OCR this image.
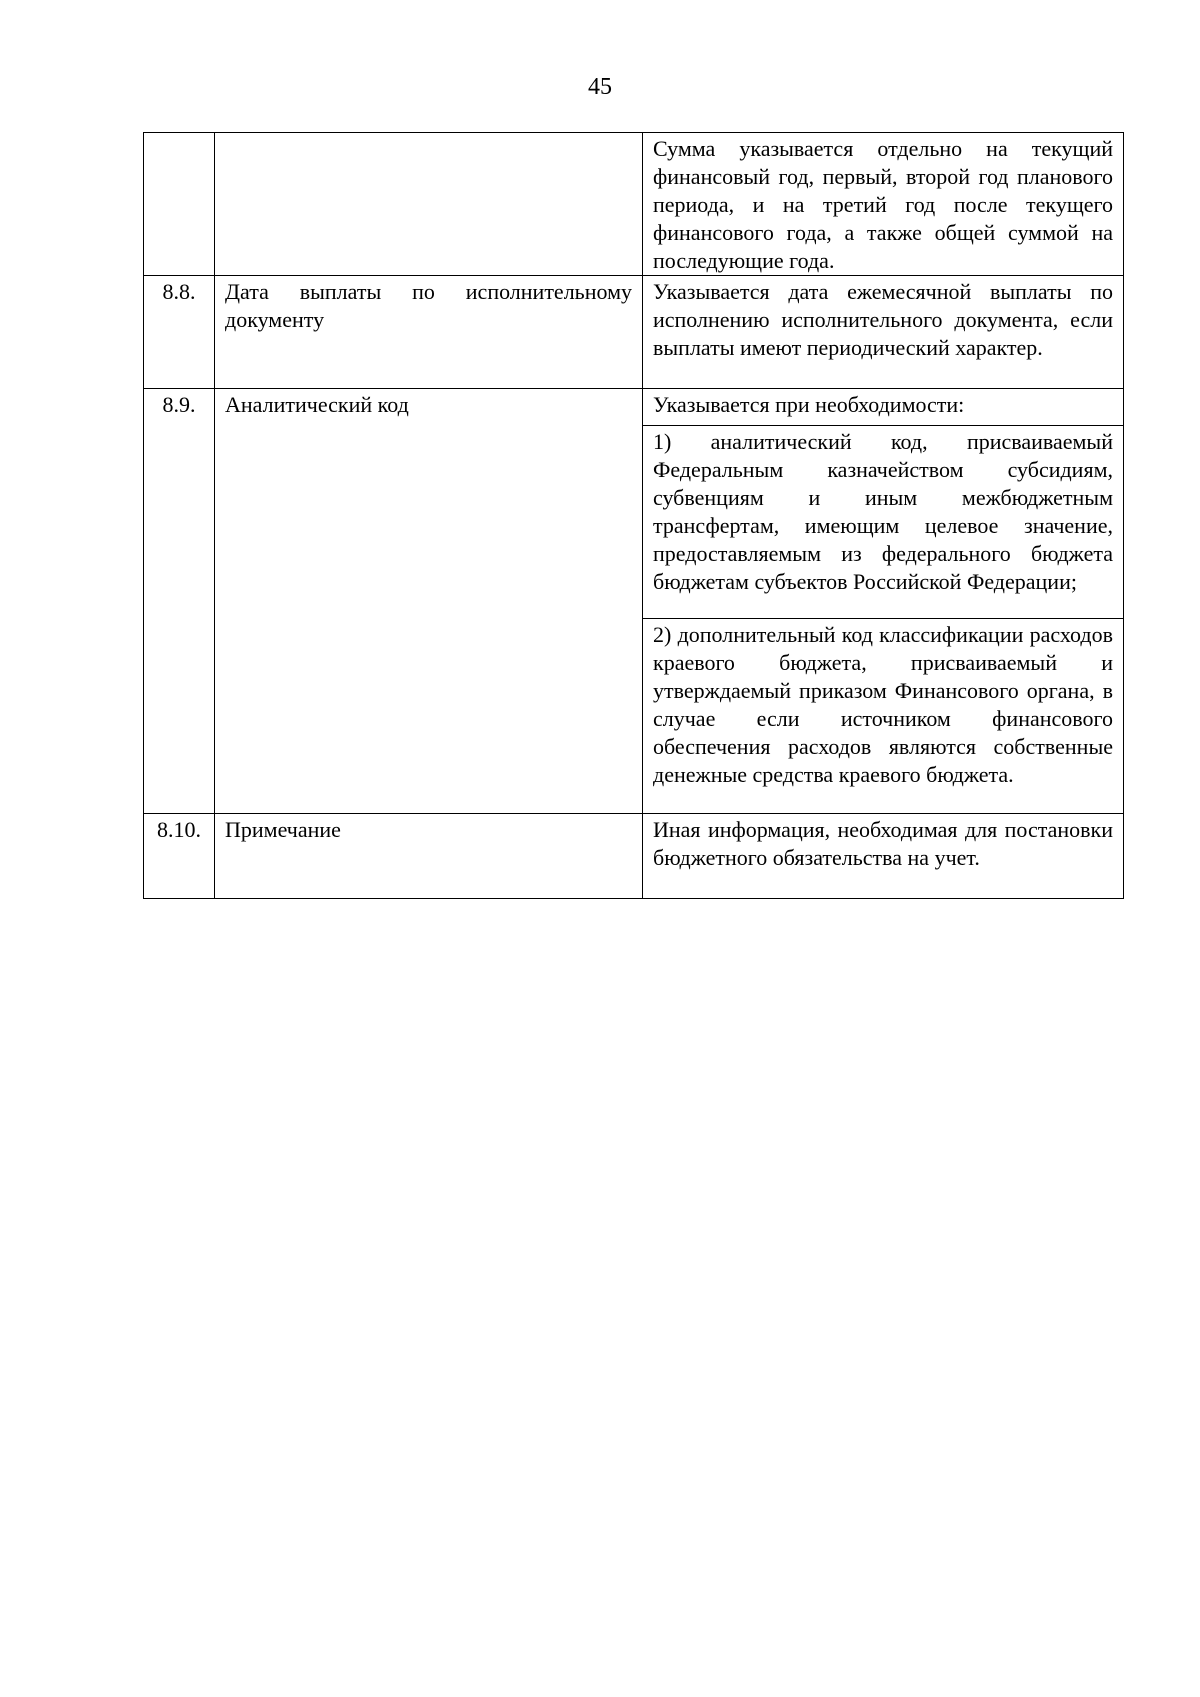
45
		Сумма указывается отдельно на текущий финансовый год, первый, второй год планового периода, и на третий год после текущего финансового года, а также общей суммой на последующие года.
8.8.	Дата выплаты по исполнительному документу	Указывается дата ежемесячной выплаты по исполнению исполнительного документа, если выплаты имеют периодический характер.
8.9.	Аналитический код	Указывается при необходимости:
		1) аналитический код, присваиваемый Федеральным казначейством субсидиям, субвенциям и иным межбюджетным трансфертам, имеющим целевое значение, предоставляемым из федерального бюджета бюджетам субъектов Российской Федерации;
		2) дополнительный код классификации расходов краевого бюджета, присваиваемый и утверждаемый приказом Финансового органа, в случае если источником финансового обеспечения расходов являются собственные денежные средства краевого бюджета.
8.10.	Примечание	Иная информация, необходимая для постановки бюджетного обязательства на учет.
